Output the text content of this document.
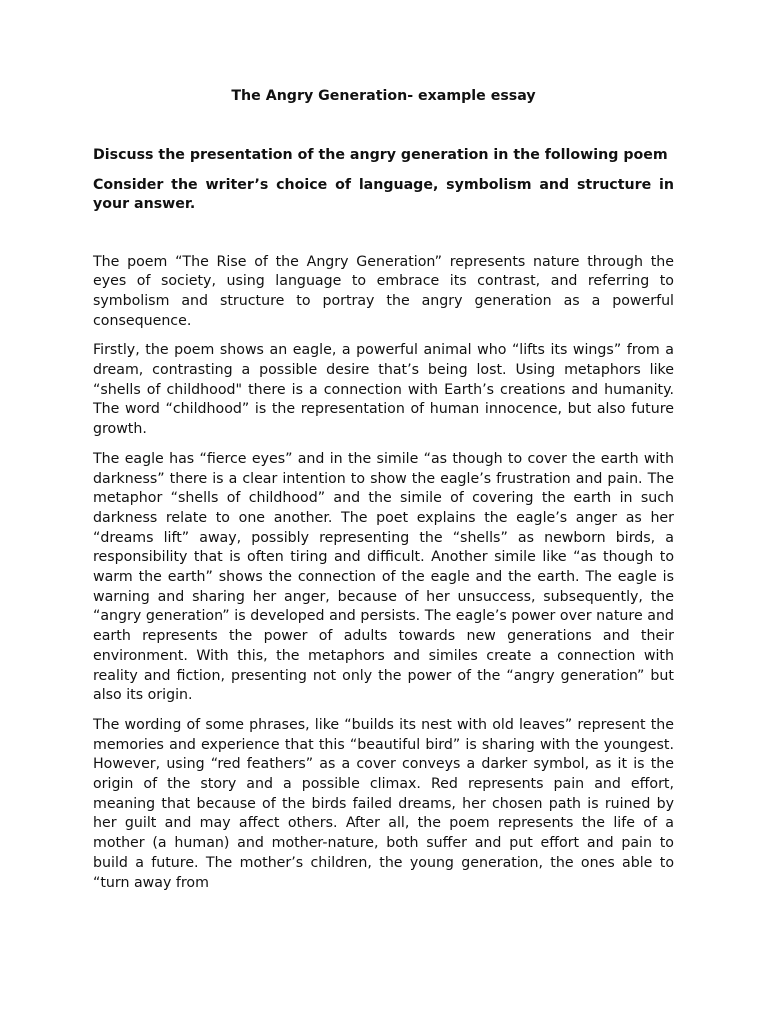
The Angry Generation- example essay

Discuss the presentation of the angry generation in the following poem

Consider the writer’s choice of language, symbolism and structure in your answer.

The poem “The Rise of the Angry Generation” represents nature through the eyes of society, using language to embrace its contrast, and referring to symbolism and structure to portray the angry generation as a powerful consequence.

Firstly, the poem shows an eagle, a powerful animal who “lifts its wings” from a dream, contrasting a possible desire that’s being lost. Using metaphors like “shells of childhood" there is a connection with Earth’s creations and humanity. The word “childhood” is the representation of human innocence, but also future growth.

The eagle has “fierce eyes” and in the simile “as though to cover the earth with darkness” there is a clear intention to show the eagle’s frustration and pain. The metaphor “shells of childhood” and the simile of covering the earth in such darkness relate to one another. The poet explains the eagle’s anger as her “dreams lift” away, possibly representing the “shells” as newborn birds, a responsibility that is often tiring and difficult. Another simile like “as though to warm the earth” shows the connection of the eagle and the earth. The eagle is warning and sharing her anger, because of her unsuccess, subsequently, the “angry generation” is developed and persists. The eagle’s power over nature and earth represents the power of adults towards new generations and their environment. With this, the metaphors and similes create a connection with reality and fiction, presenting not only the power of the “angry generation” but also its origin.

The wording of some phrases, like “builds its nest with old leaves” represent the memories and experience that this “beautiful bird” is sharing with the youngest. However, using “red feathers” as a cover conveys a darker symbol, as it is the origin of the story and a possible climax. Red represents pain and effort, meaning that because of the birds failed dreams, her chosen path is ruined by her guilt and may affect others. After all, the poem represents the life of a mother (a human) and mother-nature, both suffer and put effort and pain to build a future. The mother’s children, the young generation, the ones able to “turn away from
